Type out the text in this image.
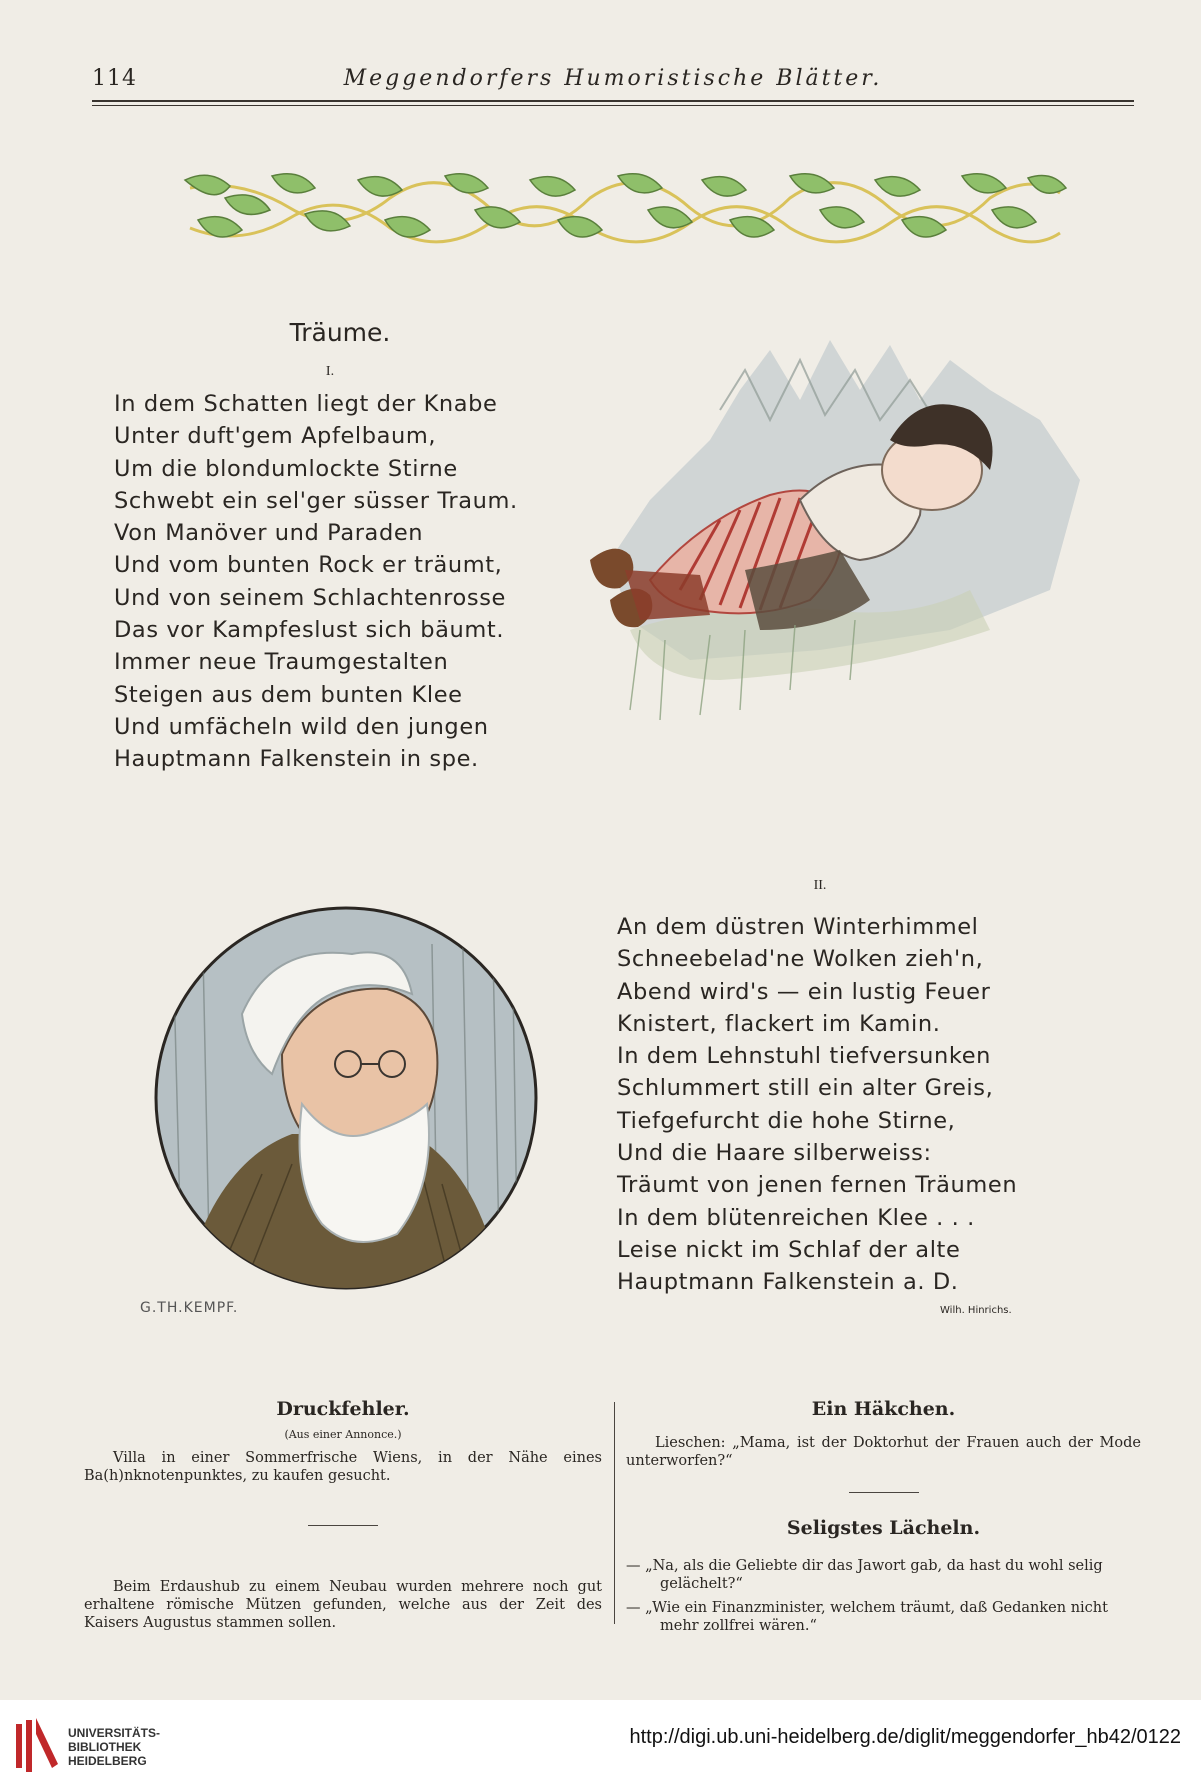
114	Meggendorfers Humoristische Blätter.
Träume.
I.
In dem Schatten liegt der Knabe
Unter duft'gem Apfelbaum,
Um die blondumlockte Stirne
Schwebt ein sel'ger süsser Traum.
Von Manöver und Paraden
Und vom bunten Rock er träumt,
Und von seinem Schlachtenrosse
Das vor Kampfeslust sich bäumt.
Immer neue Traumgestalten
Steigen aus dem bunten Klee
Und umfächeln wild den jungen
Hauptmann Falkenstein in spe.
II.
An dem düstren Winterhimmel
Schneebelad'ne Wolken zieh'n,
Abend wird's — ein lustig Feuer
Knistert, flackert im Kamin.
In dem Lehnstuhl tiefversunken
Schlummert still ein alter Greis,
Tiefgefurcht die hohe Stirne,
Und die Haare silberweiss:
Träumt von jenen fernen Träumen
In dem blütenreichen Klee . . .
Leise nickt im Schlaf der alte
Hauptmann Falkenstein a. D.
G.TH.KEMPF.	Wilh. Hinrichs.
Druckfehler.
(Aus einer Annonce.)
Villa in einer Sommerfrische Wiens, in der Nähe eines Ba(h)nknotenpunktes, zu kaufen gesucht.
Beim Erdaushub zu einem Neubau wurden mehrere noch gut erhaltene römische Mützen gefunden, welche aus der Zeit des Kaisers Augustus stammen sollen.
Ein Häkchen.
Lieschen: „Mama, ist der Doktorhut der Frauen auch der Mode unterworfen?“
Seligstes Lächeln.
— „Na, als die Geliebte dir das Jawort gab, da hast du wohl selig gelächelt?“
— „Wie ein Finanzminister, welchem träumt, daß Gedanken nicht mehr zollfrei wären.“
UNIVERSITÄTS-
BIBLIOTHEK
HEIDELBERG
http://digi.ub.uni-heidelberg.de/diglit/meggendorfer_hb42/0122
